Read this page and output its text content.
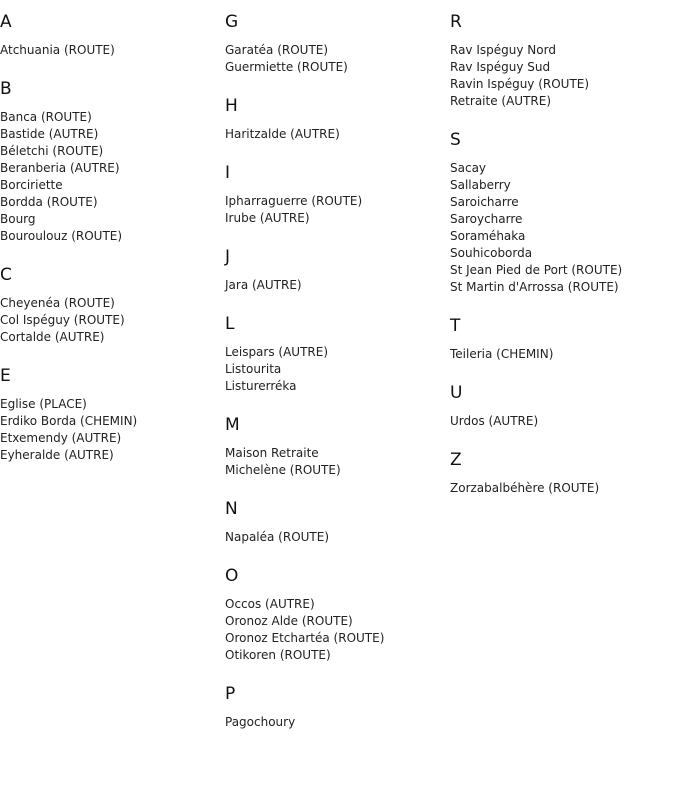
A
Atchuania (ROUTE)
B
Banca (ROUTE)
Bastide (AUTRE)
Béletchi (ROUTE)
Beranberia (AUTRE)
Borciriette
Bordda (ROUTE)
Bourg
Bouroulouz (ROUTE)
C
Cheyenéa (ROUTE)
Col Ispéguy (ROUTE)
Cortalde (AUTRE)
E
Eglise (PLACE)
Erdiko Borda (CHEMIN)
Etxemendy (AUTRE)
Eyheralde (AUTRE)
G
Garatéa (ROUTE)
Guermiette (ROUTE)
H
Haritzalde (AUTRE)
I
Ipharraguerre (ROUTE)
Irube (AUTRE)
J
Jara (AUTRE)
L
Leispars (AUTRE)
Listourita
Listurerréka
M
Maison Retraite
Michelène (ROUTE)
N
Napaléa (ROUTE)
O
Occos (AUTRE)
Oronoz Alde (ROUTE)
Oronoz Etchartéa (ROUTE)
Otikoren (ROUTE)
P
Pagochoury
R
Rav Ispéguy Nord
Rav Ispéguy Sud
Ravin Ispéguy (ROUTE)
Retraite (AUTRE)
S
Sacay
Sallaberry
Saroicharre
Saroycharre
Soraméhaka
Souhicoborda
St Jean Pied de Port (ROUTE)
St Martin d'Arrossa (ROUTE)
T
Teileria (CHEMIN)
U
Urdos (AUTRE)
Z
Zorzabalbéhère (ROUTE)
